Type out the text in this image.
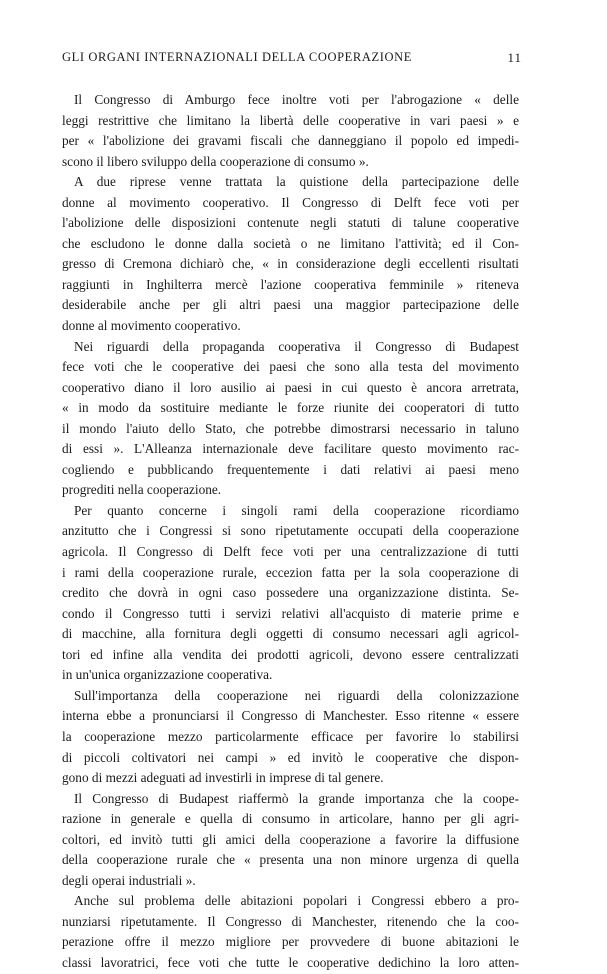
GLI ORGANI INTERNAZIONALI DELLA COOPERAZIONE	11
Il Congresso di Amburgo fece inoltre voti per l'abrogazione « delle
leggi restrittive che limitano la libertà delle cooperative in vari paesi » e
per « l'abolizione dei gravami fiscali che danneggiano il popolo ed impedi-
scono il libero sviluppo della cooperazione di consumo ».
A due riprese venne trattata la quistione della partecipazione delle
donne al movimento cooperativo. Il Congresso di Delft fece voti per
l'abolizione delle disposizioni contenute negli statuti di talune cooperative
che escludono le donne dalla società o ne limitano l'attività; ed il Con-
gresso di Cremona dichiarò che, « in considerazione degli eccellenti risultati
raggiunti in Inghilterra mercè l'azione cooperativa femminile » riteneva
desiderabile anche per gli altri paesi una maggior partecipazione delle
donne al movimento cooperativo.
Nei riguardi della propaganda cooperativa il Congresso di Budapest
fece voti che le cooperative dei paesi che sono alla testa del movimento
cooperativo diano il loro ausilio ai paesi in cui questo è ancora arretrata,
« in modo da sostituire mediante le forze riunite dei cooperatori di tutto
il mondo l'aiuto dello Stato, che potrebbe dimostrarsi necessario in taluno
di essi ». L'Alleanza internazionale deve facilitare questo movimento rac-
cogliendo e pubblicando frequentemente i dati relativi ai paesi meno
progrediti nella cooperazione.
Per quanto concerne i singoli rami della cooperazione ricordiamo
anzitutto che i Congressi si sono ripetutamente occupati della cooperazione
agricola. Il Congresso di Delft fece voti per una centralizzazione di tutti
i rami della cooperazione rurale, eccezion fatta per la sola cooperazione di
credito che dovrà in ogni caso possedere una organizzazione distinta. Se-
condo il Congresso tutti i servizi relativi all'acquisto di materie prime e
di macchine, alla fornitura degli oggetti di consumo necessari agli agricol-
tori ed infine alla vendita dei prodotti agricoli, devono essere centralizzati
in un'unica organizzazione cooperativa.
Sull'importanza della cooperazione nei riguardi della colonizzazione
interna ebbe a pronunciarsi il Congresso di Manchester. Esso ritenne « essere
la cooperazione mezzo particolarmente efficace per favorire lo stabilirsi
di piccoli coltivatori nei campi » ed invitò le cooperative che dispon-
gono di mezzi adeguati ad investirli in imprese di tal genere.
Il Congresso di Budapest riaffermò la grande importanza che la coope-
razione in generale e quella di consumo in articolare, hanno per gli agri-
coltori, ed invitò tutti gli amici della cooperazione a favorire la diffusione
della cooperazione rurale che « presenta una non minore urgenza di quella
degli operai industriali ».
Anche sul problema delle abitazioni popolari i Congressi ebbero a pro-
nunziarsi ripetutamente. Il Congresso di Manchester, ritenendo che la coo-
perazione offre il mezzo migliore per provvedere di buone abitazioni le
classi lavoratrici, fece voti che tutte le cooperative dedichino la loro atten-
